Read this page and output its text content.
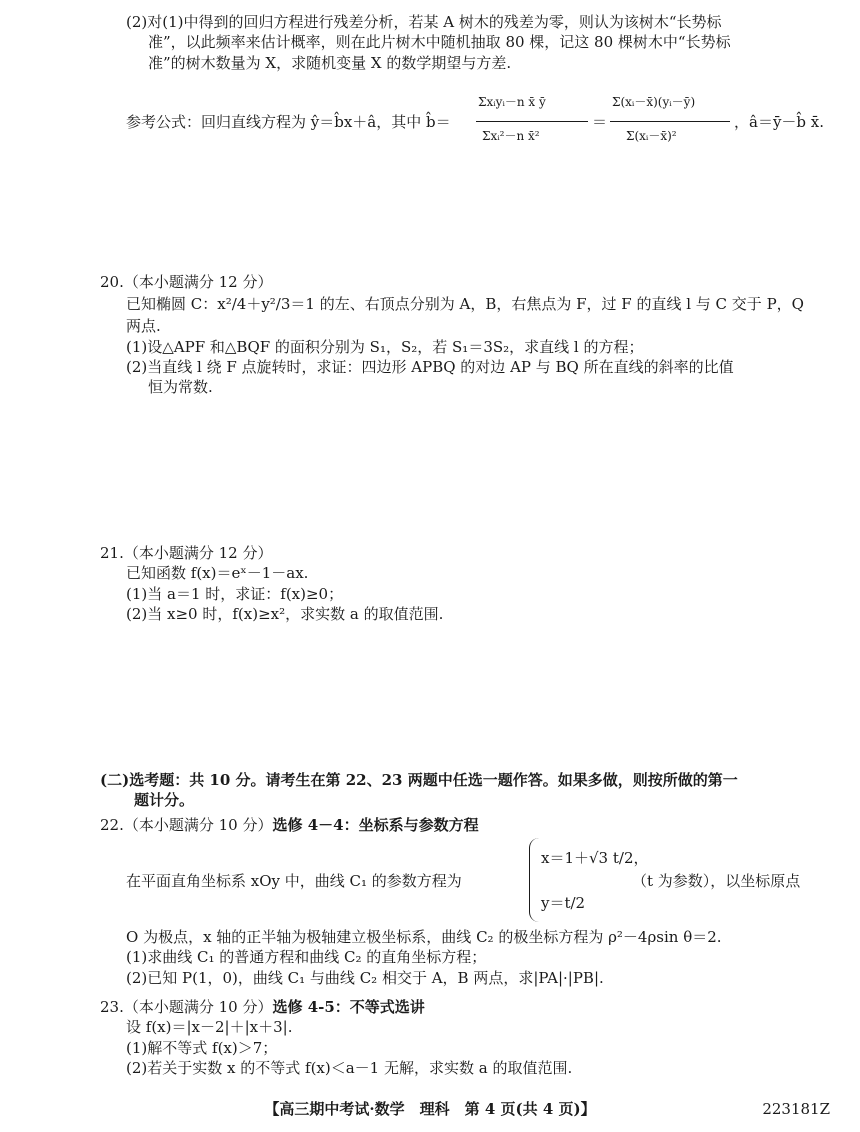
(2)对(1)中得到的回归方程进行残差分析，若某 A 树木的残差为零，则认为该树木“长势标
准”，以此频率来估计概率，则在此片树木中随机抽取 80 棵，记这 80 棵树木中“长势标
准”的树木数量为 X，求随机变量 X 的数学期望与方差.
参考公式：回归直线方程为 ŷ＝b̂x＋â，其中 b̂＝
Σxᵢyᵢ－n x̄ ȳ
Σxᵢ²－n x̄²
＝
Σ(xᵢ－x̄)(yᵢ－ȳ)
Σ(xᵢ－x̄)²
，â＝ȳ－b̂ x̄.
20.（本小题满分 12 分）
已知椭圆 C：x²/4＋y²/3＝1 的左、右顶点分别为 A，B，右焦点为 F，过 F 的直线 l 与 C 交于 P，Q
两点.
(1)设△APF 和△BQF 的面积分别为 S₁，S₂，若 S₁＝3S₂，求直线 l 的方程；
(2)当直线 l 绕 F 点旋转时，求证：四边形 APBQ 的对边 AP 与 BQ 所在直线的斜率的比值
恒为常数.
21.（本小题满分 12 分）
已知函数 f(x)＝eˣ－1－ax.
(1)当 a＝1 时，求证：f(x)≥0；
(2)当 x≥0 时，f(x)≥x²，求实数 a 的取值范围.
(二)选考题：共 10 分。请考生在第 22、23 两题中任选一题作答。如果多做，则按所做的第一
题计分。
22.（本小题满分 10 分）选修 4－4：坐标系与参数方程
在平面直角坐标系 xOy 中，曲线 C₁ 的参数方程为
x＝1＋√3 t/2，
y＝t/2
（t 为参数），以坐标原点
O 为极点，x 轴的正半轴为极轴建立极坐标系，曲线 C₂ 的极坐标方程为 ρ²－4ρsin θ＝2.
(1)求曲线 C₁ 的普通方程和曲线 C₂ 的直角坐标方程；
(2)已知 P(1，0)，曲线 C₁ 与曲线 C₂ 相交于 A，B 两点，求|PA|·|PB|.
23.（本小题满分 10 分）选修 4-5：不等式选讲
设 f(x)＝|x－2|＋|x＋3|.
(1)解不等式 f(x)＞7；
(2)若关于实数 x 的不等式 f(x)＜a－1 无解，求实数 a 的取值范围.
【高三期中考试·数学　理科　第 4 页(共 4 页)】	223181Z
